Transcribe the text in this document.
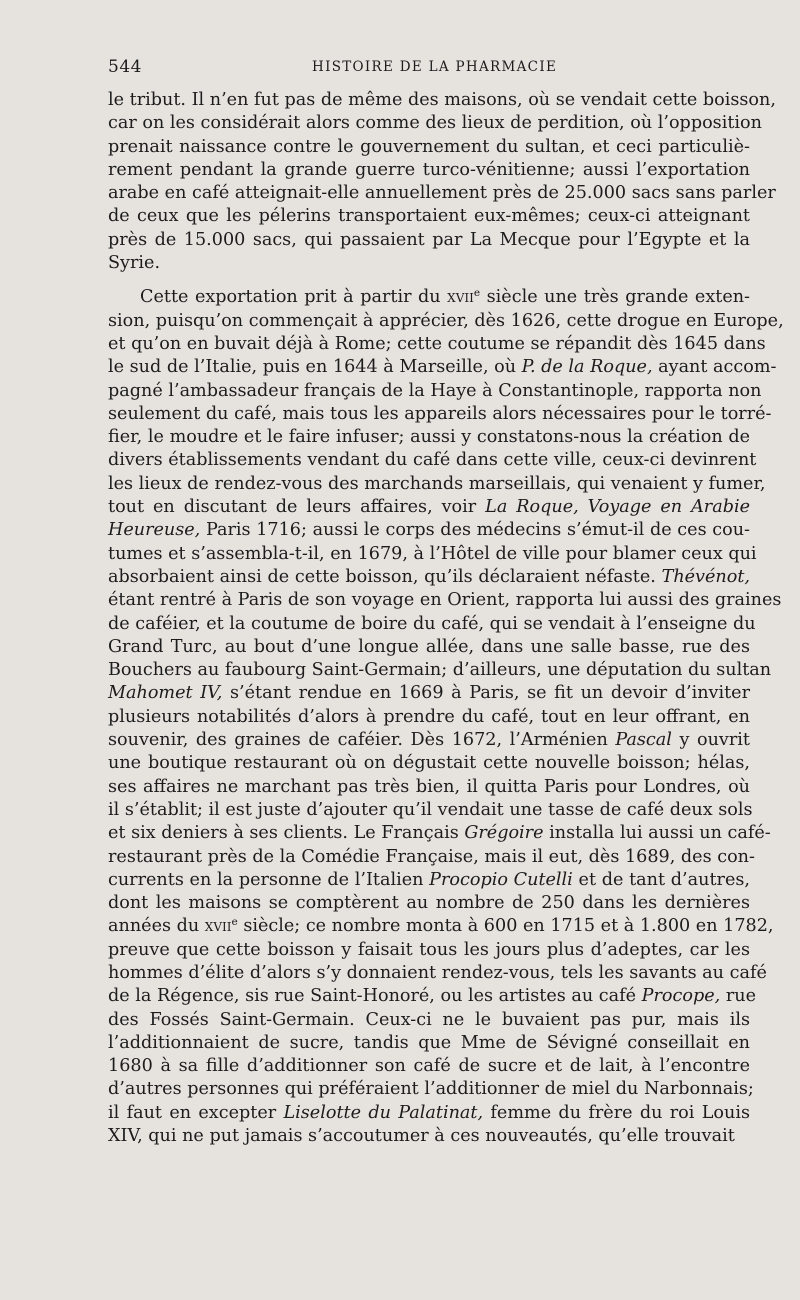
544	HISTOIRE DE LA PHARMACIE
le tribut. Il n’en fut pas de même des maisons, où se vendait cette boisson,
car on les considérait alors comme des lieux de perdition, où l’opposition
prenait naissance contre le gouvernement du sultan, et ceci particuliè-
rement pendant la grande guerre turco-vénitienne; aussi l’exportation
arabe en café atteignait-elle annuellement près de 25.000 sacs sans parler
de ceux que les pélerins transportaient eux-mêmes; ceux-ci atteignant
près de 15.000 sacs, qui passaient par La Mecque pour l’Egypte et la
Syrie.
Cette exportation prit à partir du xvii$^e$ siècle une très grande exten-
sion, puisqu’on commençait à apprécier, dès 1626, cette drogue en Europe,
et qu’on en buvait déjà à Rome; cette coutume se répandit dès 1645 dans
le sud de l’Italie, puis en 1644 à Marseille, où P. de la Roque, ayant accom-
pagné l’ambassadeur français de la Haye à Constantinople, rapporta non
seulement du café, mais tous les appareils alors nécessaires pour le torré-
fier, le moudre et le faire infuser; aussi y constatons-nous la création de
divers établissements vendant du café dans cette ville, ceux-ci devinrent
les lieux de rendez-vous des marchands marseillais, qui venaient y fumer,
tout en discutant de leurs affaires, voir La Roque, Voyage en Arabie
Heureuse, Paris 1716; aussi le corps des médecins s’émut-il de ces cou-
tumes et s’assembla-t-il, en 1679, à l’Hôtel de ville pour blamer ceux qui
absorbaient ainsi de cette boisson, qu’ils déclaraient néfaste. Thévénot,
étant rentré à Paris de son voyage en Orient, rapporta lui aussi des graines
de caféier, et la coutume de boire du café, qui se vendait à l’enseigne du
Grand Turc, au bout d’une longue allée, dans une salle basse, rue des
Bouchers au faubourg Saint-Germain; d’ailleurs, une députation du sultan
Mahomet IV, s’étant rendue en 1669 à Paris, se fit un devoir d’inviter
plusieurs notabilités d’alors à prendre du café, tout en leur offrant, en
souvenir, des graines de caféier. Dès 1672, l’Arménien Pascal y ouvrit
une boutique restaurant où on dégustait cette nouvelle boisson; hélas,
ses affaires ne marchant pas très bien, il quitta Paris pour Londres, où
il s’établit; il est juste d’ajouter qu’il vendait une tasse de café deux sols
et six deniers à ses clients. Le Français Grégoire installa lui aussi un café-
restaurant près de la Comédie Française, mais il eut, dès 1689, des con-
currents en la personne de l’Italien Procopio Cutelli et de tant d’autres,
dont les maisons se comptèrent au nombre de 250 dans les dernières
années du xvii$^e$ siècle; ce nombre monta à 600 en 1715 et à 1.800 en 1782,
preuve que cette boisson y faisait tous les jours plus d’adeptes, car les
hommes d’élite d’alors s’y donnaient rendez-vous, tels les savants au café
de la Régence, sis rue Saint-Honoré, ou les artistes au café Procope, rue
des Fossés Saint-Germain. Ceux-ci ne le buvaient pas pur, mais ils
l’additionnaient de sucre, tandis que Mme de Sévigné conseillait en
1680 à sa fille d’additionner son café de sucre et de lait, à l’encontre
d’autres personnes qui préféraient l’additionner de miel du Narbonnais;
il faut en excepter Liselotte du Palatinat, femme du frère du roi Louis
XIV, qui ne put jamais s’accoutumer à ces nouveautés, qu’elle trouvait
